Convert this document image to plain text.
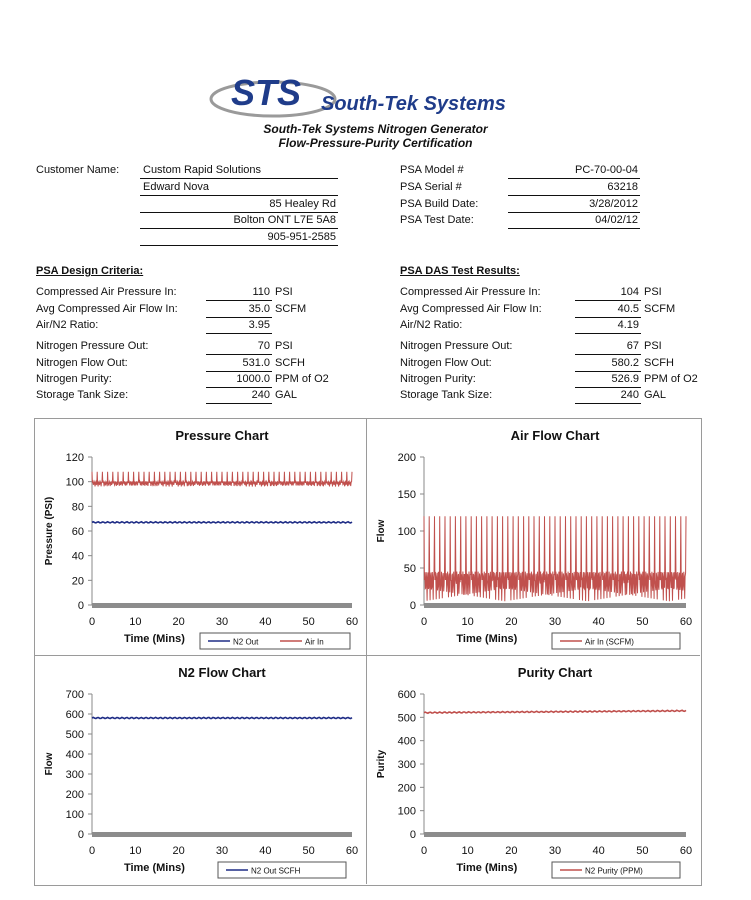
STS South-Tek Systems
South-Tek Systems Nitrogen Generator
Flow-Pressure-Purity Certification
Customer Name: Custom Rapid Solutions
Edward Nova
85 Healey Rd
Bolton ONT L7E 5A8
905-951-2585
PSA Model #	PC-70-00-04
PSA Serial #	63218
PSA Build Date:	3/28/2012
PSA Test Date:	04/02/12
PSA Design Criteria:	PSA DAS Test Results:
Compressed Air Pressure In:	110 PSI
Avg Compressed Air Flow In:	35.0 SCFM
Air/N2 Ratio:	3.95
Nitrogen Pressure Out:	70 PSI
Nitrogen Flow Out:	531.0 SCFH
Nitrogen Purity:	1000.0 PPM of O2
Storage Tank Size:	240 GAL
Compressed Air Pressure In:	104 PSI
Avg Compressed Air Flow In:	40.5 SCFM
Air/N2 Ratio:	4.19
Nitrogen Pressure Out:	67 PSI
Nitrogen Flow Out:	580.2 SCFH
Nitrogen Purity:	526.9 PPM of O2
Storage Tank Size:	240 GAL
Pressure Chart
0
20
40
60
80
100
120
0	10	20	30	40	50	60
Pressure (PSI)
Time (Mins)	N2 Out	Air In
Air Flow Chart
0
50
100
150
200
0	10	20	30	40	50	60
Flow
Time (Mins)	Air In (SCFM)
N2 Flow Chart
0
100
200
300
400
500
600
700
0	10	20	30	40	50	60
Flow
Time (Mins)	N2 Out SCFH
Purity Chart
0
100
200
300
400
500
600
0	10	20	30	40	50	60
Purity
Time (Mins)	N2 Purity (PPM)
